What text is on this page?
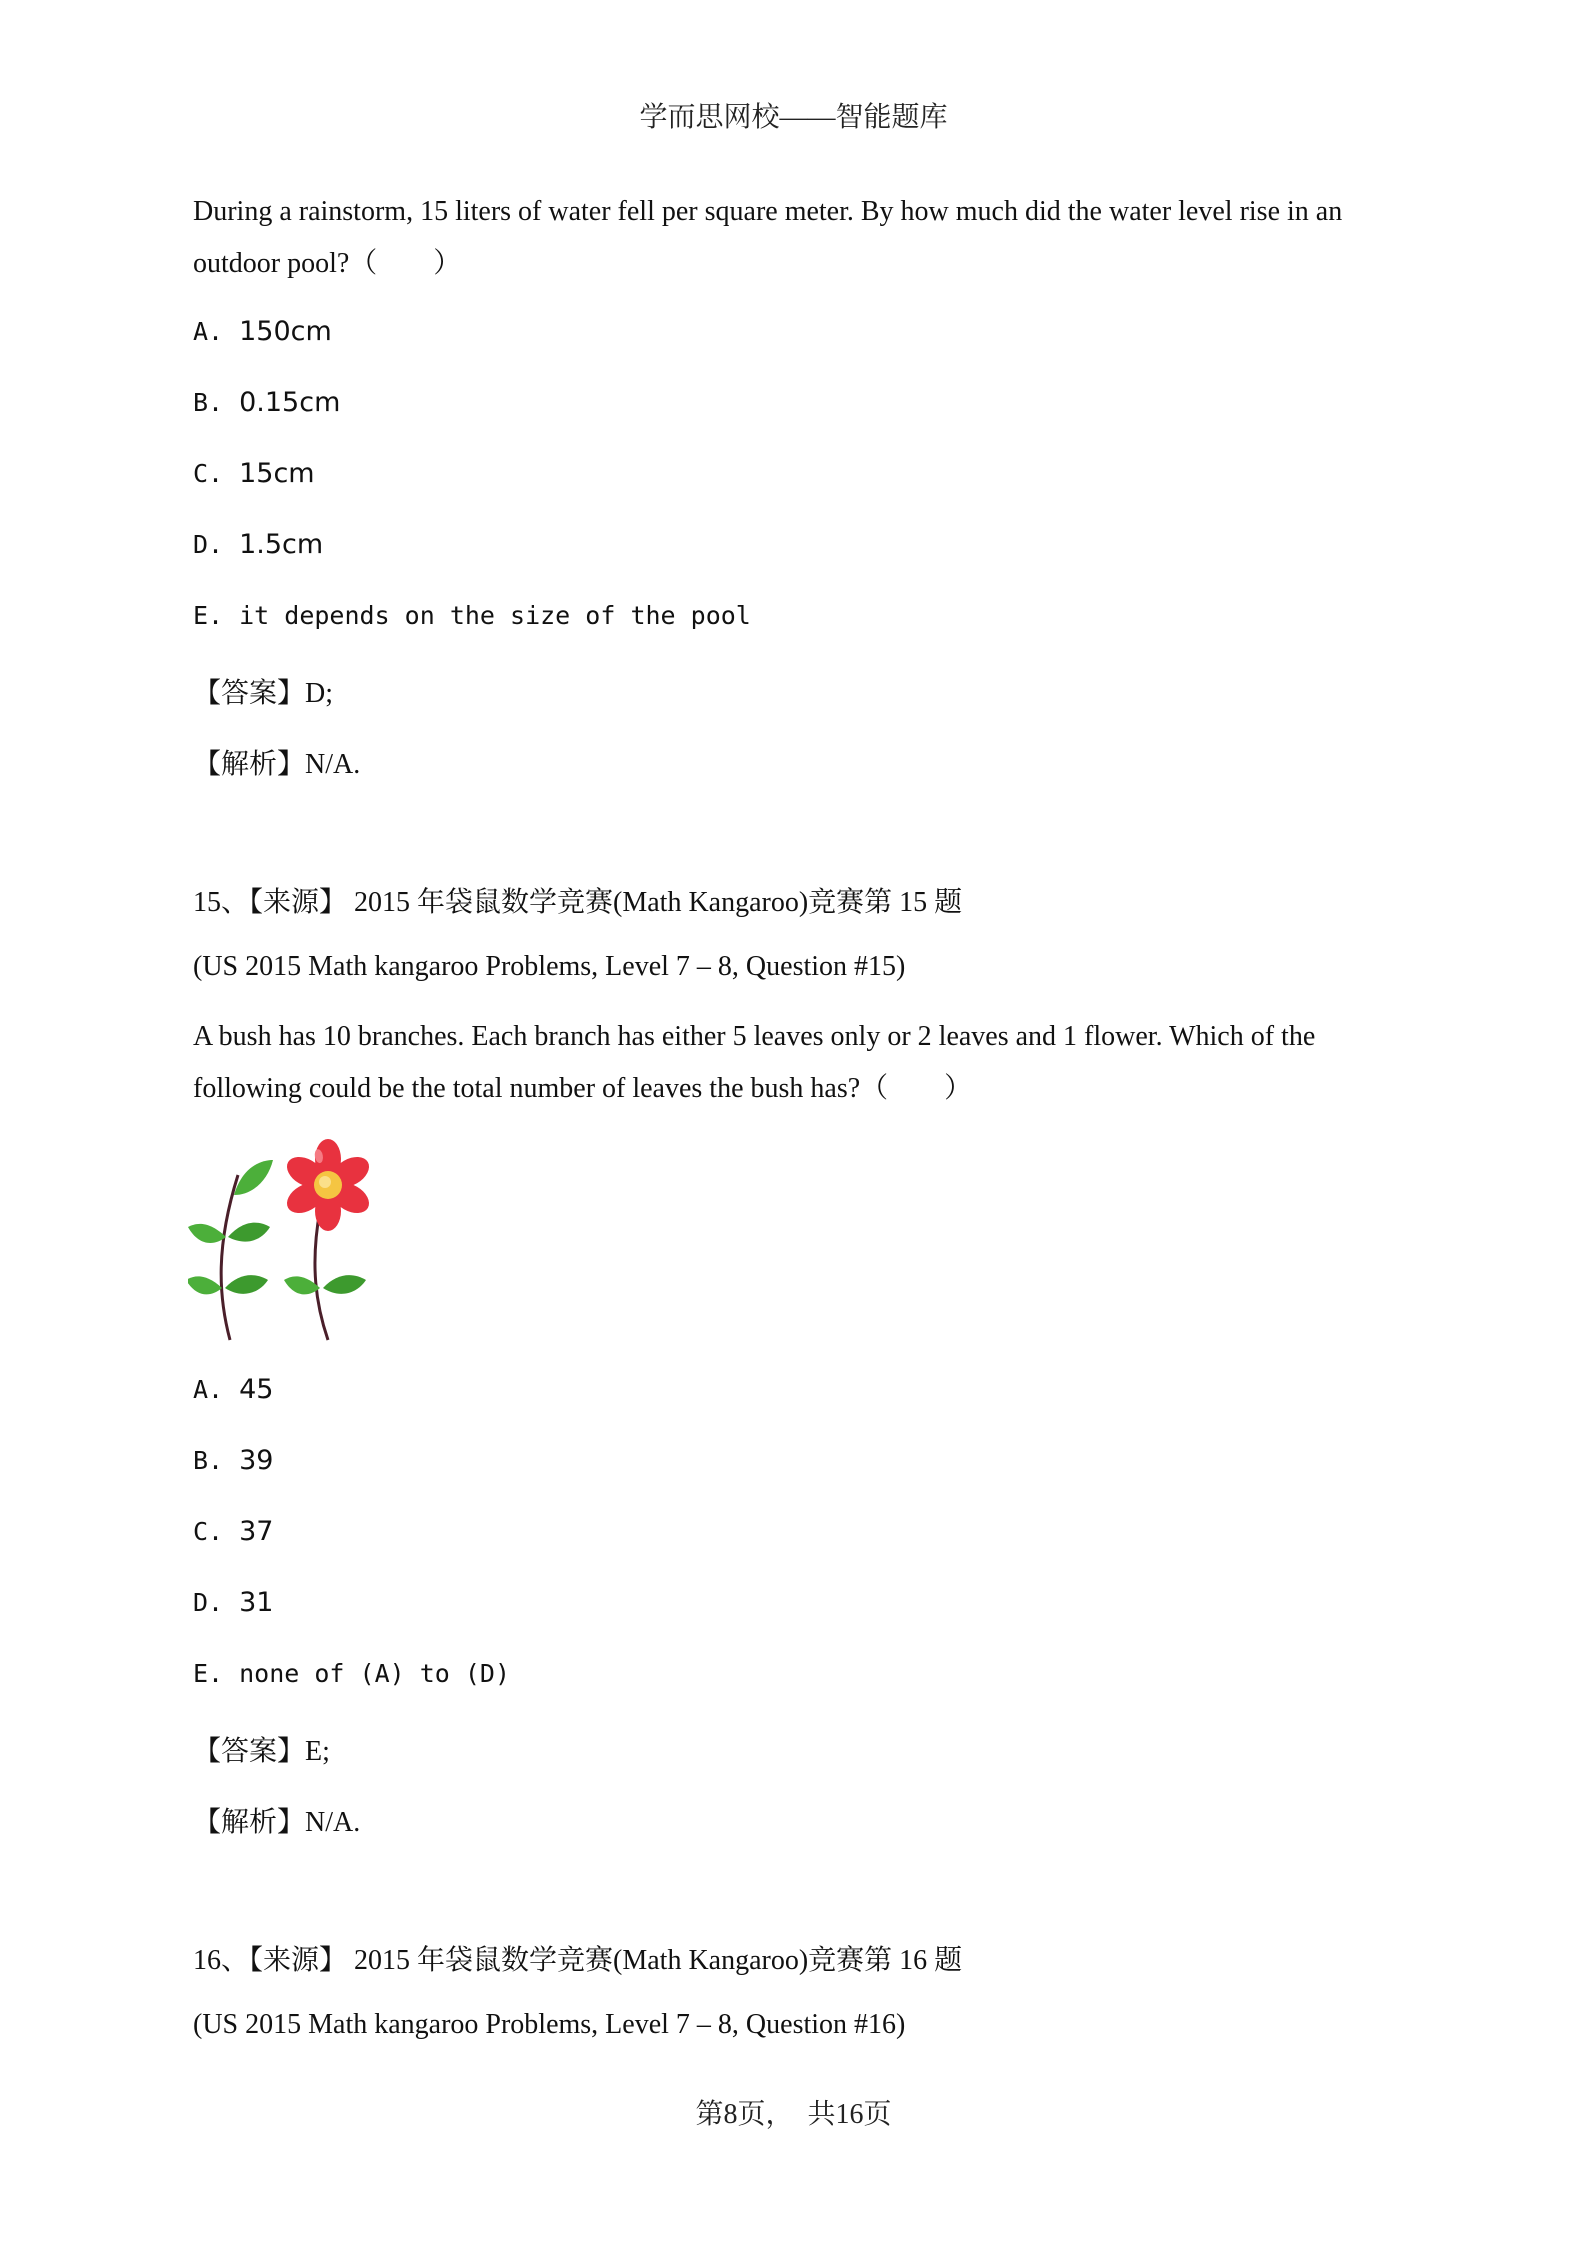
学而思网校——智能题库
During a rainstorm, 15 liters of water fell per square meter. By how much did the water level rise in an outdoor pool?（　　）
A. 150cm
B. 0.15cm
C. 15cm
D. 1.5cm
E. it depends on the size of the pool
【答案】D;
【解析】N/A.
15、【来源】 2015 年袋鼠数学竞赛(Math Kangaroo)竞赛第 15 题
(US 2015 Math kangaroo Problems, Level 7 – 8, Question #15)
A bush has 10 branches. Each branch has either 5 leaves only or 2 leaves and 1 flower. Which of the following could be the total number of leaves the bush has?（　　）
A. 45
B. 39
C. 37
D. 31
E. none of (A) to (D)
【答案】E;
【解析】N/A.
16、【来源】 2015 年袋鼠数学竞赛(Math Kangaroo)竞赛第 16 题
(US 2015 Math kangaroo Problems, Level 7 – 8, Question #16)
第8页，　共16页
